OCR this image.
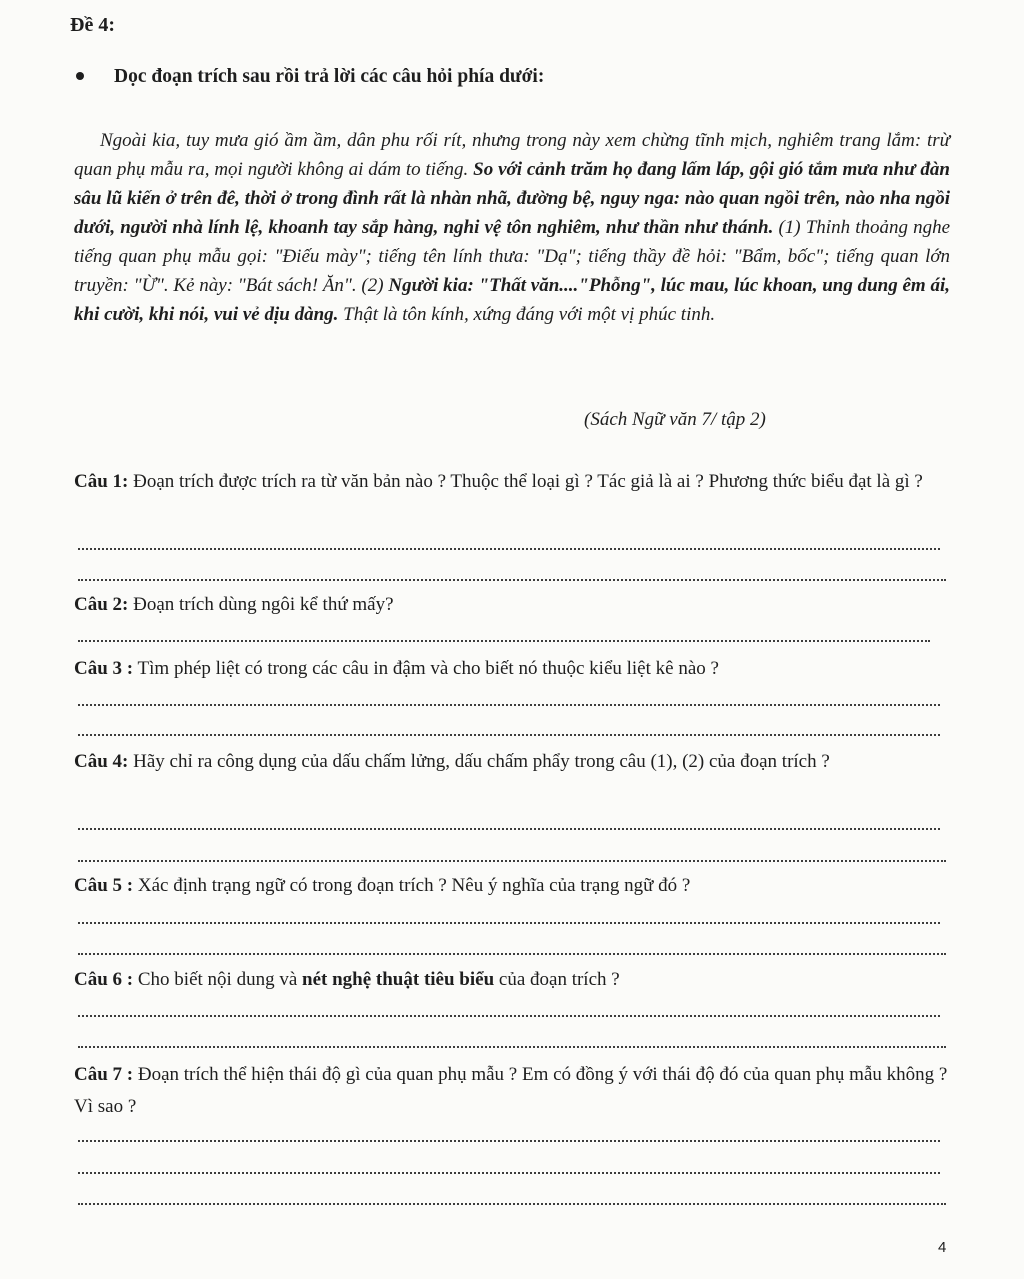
Đề 4:
Dọc đoạn trích sau rồi trả lời các câu hỏi phía dưới:

Ngoài kia, tuy mưa gió ầm ầm, dân phu rối rít, nhưng trong này xem chừng tĩnh mịch, nghiêm trang lắm: trừ quan phụ mẫu ra, mọi người không ai dám to tiếng. So với cảnh trăm họ đang lấm láp, gội gió tắm mưa như đàn sâu lũ kiến ở trên đê, thời ở trong đình rất là nhàn nhã, đường bệ, nguy nga: nào quan ngồi trên, nào nha ngồi dưới, người nhà lính lệ, khoanh tay sắp hàng, nghi vệ tôn nghiêm, như thần như thánh. (1) Thỉnh thoảng nghe tiếng quan phụ mẫu gọi: "Điếu mày"; tiếng tên lính thưa: "Dạ"; tiếng thầy đề hỏi: "Bẩm, bốc"; tiếng quan lớn truyền: "Ừ". Kẻ này: "Bát sách! Ăn". (2) Người kia: "Thất văn...."Phỗng", lúc mau, lúc khoan, ung dung êm ái, khi cười, khi nói, vui vẻ dịu dàng. Thật là tôn kính, xứng đáng với một vị phúc tinh.

(Sách Ngữ văn 7/ tập 2)

Câu 1: Đoạn trích được trích ra từ văn bản nào ? Thuộc thể loại gì ? Tác giả là ai ? Phương thức biểu đạt là gì ?

Câu 2: Đoạn trích dùng ngôi kể thứ mấy?

Câu 3 : Tìm phép liệt có trong các câu in đậm và cho biết nó thuộc kiểu liệt kê nào ?

Câu 4: Hãy chỉ ra công dụng của dấu chấm lửng, dấu chấm phẩy trong câu (1), (2) của đoạn trích ?

Câu 5 : Xác định trạng ngữ có trong đoạn trích ? Nêu ý nghĩa của trạng ngữ đó ?

Câu 6 : Cho biết nội dung và nét nghệ thuật tiêu biểu của đoạn trích ?

Câu 7 : Đoạn trích thể hiện thái độ gì của quan phụ mẫu ? Em có đồng ý với thái độ đó của quan phụ mẫu không ? Vì sao ?

4
